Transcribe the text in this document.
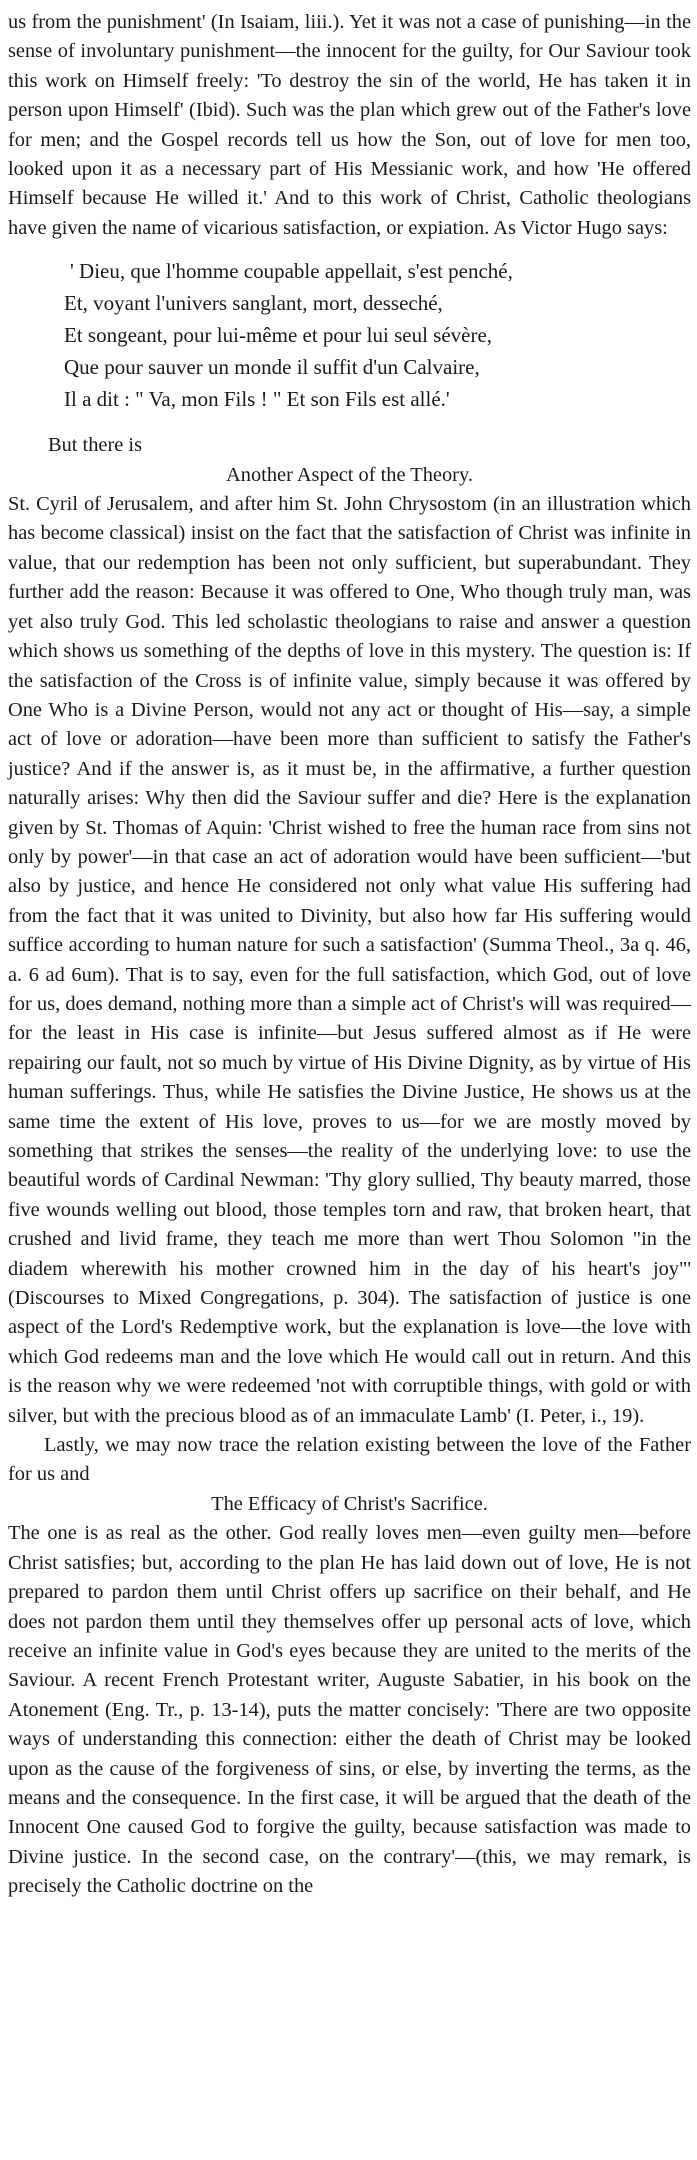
us from the punishment' (In Isaiam, liii.). Yet it was not a case of punishing—in the sense of involuntary punishment—the innocent for the guilty, for Our Saviour took this work on Himself freely: 'To destroy the sin of the world, He has taken it in person upon Himself' (Ibid). Such was the plan which grew out of the Father's love for men; and the Gospel records tell us how the Son, out of love for men too, looked upon it as a necessary part of His Messianic work, and how 'He offered Himself because He willed it.' And to this work of Christ, Catholic theologians have given the name of vicarious satisfaction, or expiation. As Victor Hugo says:

' Dieu, que l'homme coupable appellait, s'est penché,

Et, voyant l'univers sanglant, mort, desseché,

Et songeant, pour lui-même et pour lui seul sévère,

Que pour sauver un monde il suffit d'un Calvaire,

Il a dit : " Va, mon Fils ! " Et son Fils est allé.'

But there is

Another Aspect of the Theory.

St. Cyril of Jerusalem, and after him St. John Chrysostom (in an illustration which has become classical) insist on the fact that the satisfaction of Christ was infinite in value, that our redemption has been not only sufficient, but superabundant. They further add the reason: Because it was offered to One, Who though truly man, was yet also truly God. This led scholastic theologians to raise and answer a question which shows us something of the depths of love in this mystery. The question is: If the satisfaction of the Cross is of infinite value, simply because it was offered by One Who is a Divine Person, would not any act or thought of His—say, a simple act of love or adoration—have been more than sufficient to satisfy the Father's justice? And if the answer is, as it must be, in the affirmative, a further question naturally arises: Why then did the Saviour suffer and die? Here is the explanation given by St. Thomas of Aquin: 'Christ wished to free the human race from sins not only by power'—in that case an act of adoration would have been sufficient—'but also by justice, and hence He considered not only what value His suffering had from the fact that it was united to Divinity, but also how far His suffering would suffice according to human nature for such a satisfaction' (Summa Theol., 3a q. 46, a. 6 ad 6um). That is to say, even for the full satisfaction, which God, out of love for us, does demand, nothing more than a simple act of Christ's will was required—for the least in His case is infinite—but Jesus suffered almost as if He were repairing our fault, not so much by virtue of His Divine Dignity, as by virtue of His human sufferings. Thus, while He satisfies the Divine Justice, He shows us at the same time the extent of His love, proves to us—for we are mostly moved by something that strikes the senses—the reality of the underlying love: to use the beautiful words of Cardinal Newman: 'Thy glory sullied, Thy beauty marred, those five wounds welling out blood, those temples torn and raw, that broken heart, that crushed and livid frame, they teach me more than wert Thou Solomon "in the diadem wherewith his mother crowned him in the day of his heart's joy"' (Discourses to Mixed Congregations, p. 304). The satisfaction of justice is one aspect of the Lord's Redemptive work, but the explanation is love—the love with which God redeems man and the love which He would call out in return. And this is the reason why we were redeemed 'not with corruptible things, with gold or with silver, but with the precious blood as of an immaculate Lamb' (I. Peter, i., 19).

Lastly, we may now trace the relation existing between the love of the Father for us and

The Efficacy of Christ's Sacrifice.

The one is as real as the other. God really loves men—even guilty men—before Christ satisfies; but, according to the plan He has laid down out of love, He is not prepared to pardon them until Christ offers up sacrifice on their behalf, and He does not pardon them until they themselves offer up personal acts of love, which receive an infinite value in God's eyes because they are united to the merits of the Saviour. A recent French Protestant writer, Auguste Sabatier, in his book on the Atonement (Eng. Tr., p. 13-14), puts the matter concisely: 'There are two opposite ways of understanding this connection: either the death of Christ may be looked upon as the cause of the forgiveness of sins, or else, by inverting the terms, as the means and the consequence. In the first case, it will be argued that the death of the Innocent One caused God to forgive the guilty, because satisfaction was made to Divine justice. In the second case, on the contrary'—(this, we may remark, is precisely the Catholic doctrine on the
